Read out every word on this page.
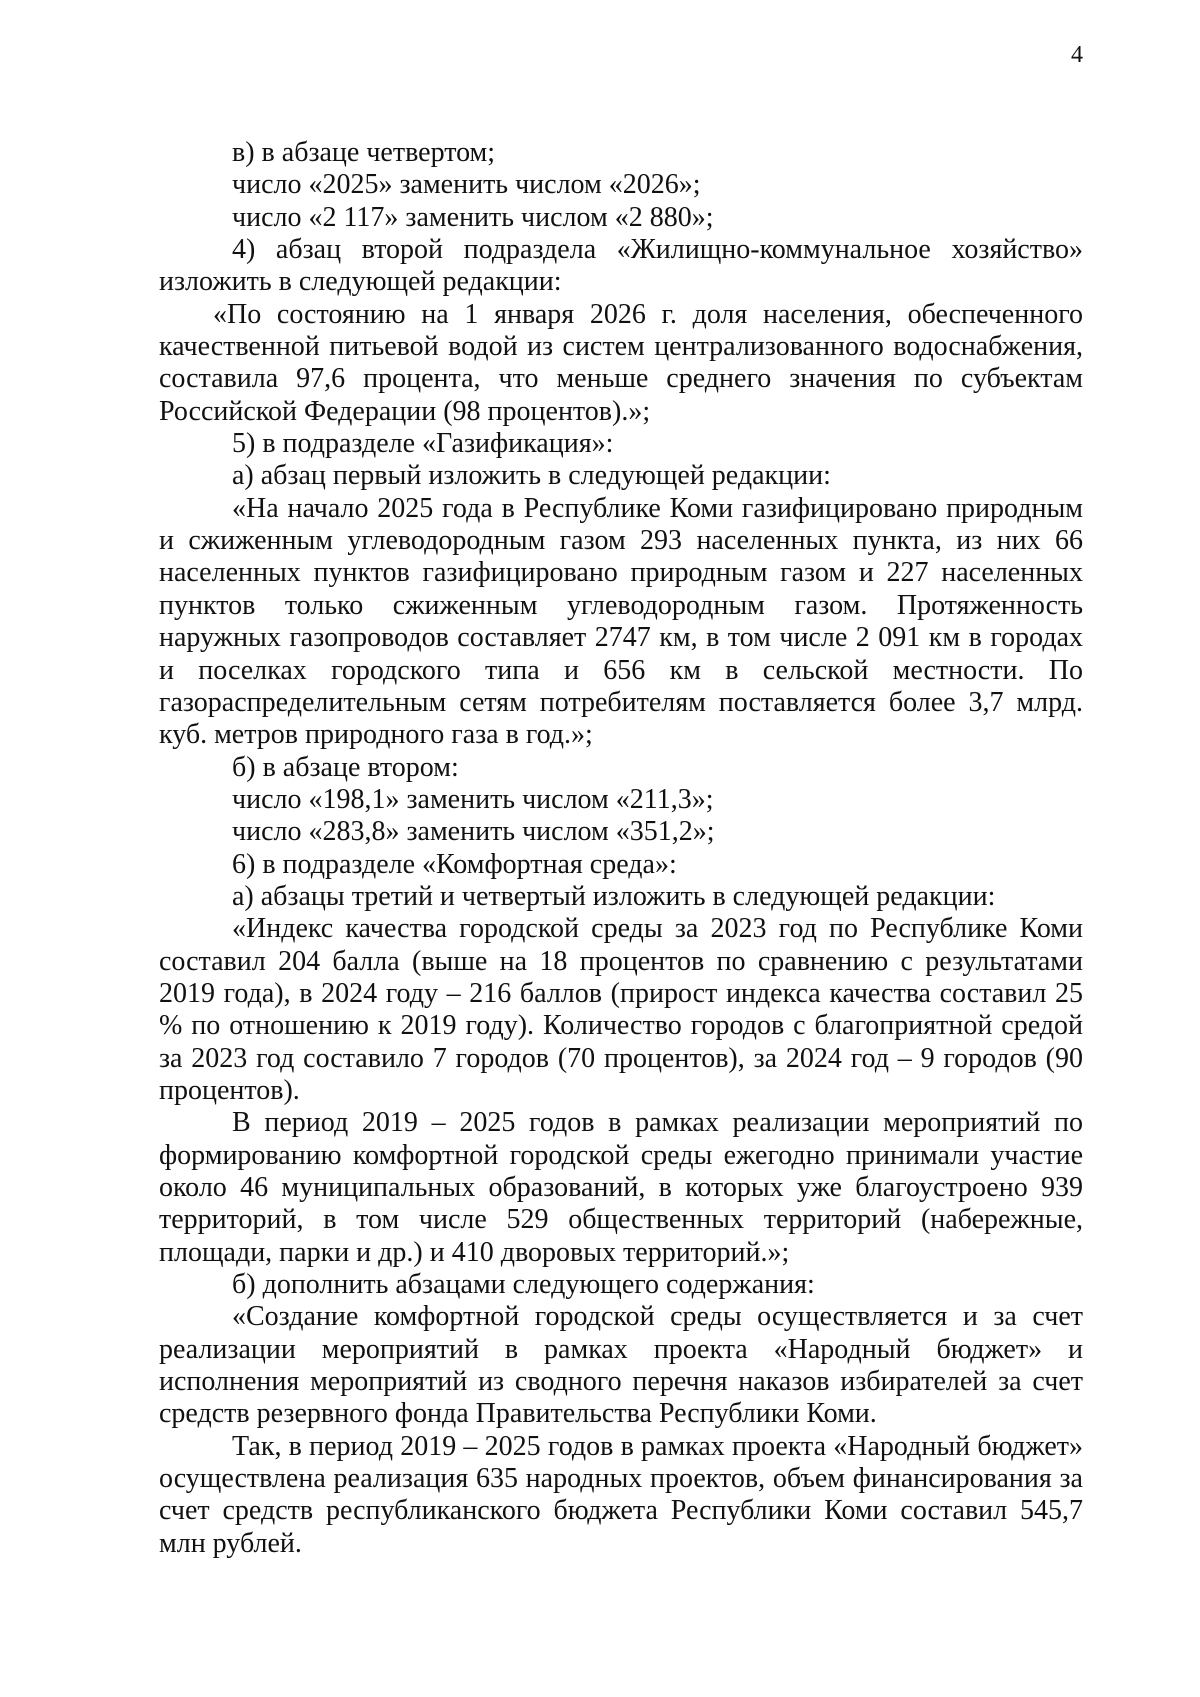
4

в) в абзаце четвертом;

число «2025» заменить числом «2026»;

число «2 117» заменить числом «2 880»;

4) абзац второй подраздела «Жилищно-коммунальное хозяйство» изложить в следующей редакции:

«По состоянию на 1 января 2026 г. доля населения, обеспеченного качественной питьевой водой из систем централизованного водоснабжения, составила 97,6 процента, что меньше среднего значения по субъектам Российской Федерации (98 процентов).»;

5) в подразделе «Газификация»:

а) абзац первый изложить в следующей редакции:

«На начало 2025 года в Республике Коми газифицировано природным и сжиженным углеводородным газом 293 населенных пункта, из них 66 населенных пунктов газифицировано природным газом и 227 населенных пунктов только сжиженным углеводородным газом. Протяженность наружных газопроводов составляет 2747 км, в том числе 2 091 км в городах и поселках городского типа и 656 км в сельской местности. По газораспределительным сетям потребителям поставляется более 3,7 млрд. куб. метров природного газа в год.»;

б) в абзаце втором:

число «198,1» заменить числом «211,3»;

число «283,8» заменить числом «351,2»;

6) в подразделе «Комфортная среда»:

а) абзацы третий и четвертый изложить в следующей редакции:

«Индекс качества городской среды за 2023 год по Республике Коми составил 204 балла (выше на 18 процентов по сравнению с результатами 2019 года), в 2024 году – 216 баллов (прирост индекса качества составил 25 % по отношению к 2019 году). Количество городов с благоприятной средой за 2023 год составило 7 городов (70 процентов), за 2024 год – 9 городов (90 процентов).

В период 2019 – 2025 годов в рамках реализации мероприятий по формированию комфортной городской среды ежегодно принимали участие около 46 муниципальных образований, в которых уже благоустроено 939 территорий, в том числе 529 общественных территорий (набережные, площади, парки и др.) и 410 дворовых территорий.»;

б) дополнить абзацами следующего содержания:

«Создание комфортной городской среды осуществляется и за счет реализации мероприятий в рамках проекта «Народный бюджет» и исполнения мероприятий из сводного перечня наказов избирателей за счет средств резервного фонда Правительства Республики Коми.

Так, в период 2019 – 2025 годов в рамках проекта «Народный бюджет» осуществлена реализация 635 народных проектов, объем финансирования за счет средств республиканского бюджета Республики Коми составил 545,7 млн рублей.
